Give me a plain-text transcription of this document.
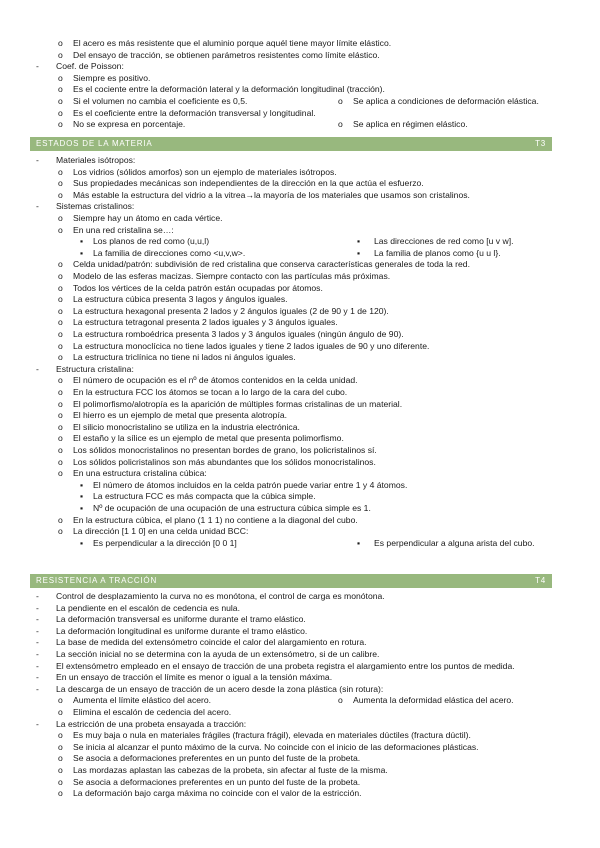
o	El acero es más resistente que el aluminio porque aquél tiene mayor límite elástico.
o	Del ensayo de tracción, se obtienen parámetros resistentes como límite elástico.
-	Coef. de Poisson:
o	Siempre es positivo.
o	Es el cociente entre la deformación lateral y la deformación longitudinal (tracción).
o	Si el volumen no cambia el coeficiente es 0,5.	o	Se aplica a condiciones de deformación elástica.
o	Es el coeficiente entre la deformación transversal y longitudinal.
o	No se expresa en porcentaje.	o	Se aplica en régimen elástico.
ESTADOS DE LA MATERIA	T3
-	Materiales isótropos:
o	Los vidrios (sólidos amorfos) son un ejemplo de materiales isótropos.
o	Sus propiedades mecánicas son independientes de la dirección en la que actúa el esfuerzo.
o	Más estable la estructura del vidrio a la vitrea→la mayoría de los materiales que usamos son cristalinos.
-	Sistemas cristalinos:
o	Siempre hay un átomo en cada vértice.
o	En una red cristalina se…:
▪	Los planos de red como (u,u,l)	▪	Las direcciones de red como [u v w].
▪	La familia de direcciones como <u,v,w>.	▪	La familia de planos como {u u l}.
o	Celda unidad/patrón: subdivisión de red cristalina que conserva características generales de toda la red.
o	Modelo de las esferas macizas. Siempre contacto con las partículas más próximas.
o	Todos los vértices de la celda patrón están ocupadas por átomos.
o	La estructura cúbica presenta 3 lagos y ángulos iguales.
o	La estructura hexagonal presenta 2 lados y 2 ángulos iguales (2 de 90 y 1 de 120).
o	La estructura tetragonal presenta 2 lados iguales y 3 ángulos iguales.
o	La estructura romboédrica presenta 3 lados y 3 ángulos iguales (ningún ángulo de 90).
o	La estructura monoclícica no tiene lados iguales y tiene 2 lados iguales de 90 y uno diferente.
o	La estructura triclínica no tiene ni lados ni ángulos iguales.
-	Estructura cristalina:
o	El número de ocupación es el nº de átomos contenidos en la celda unidad.
o	En la estructura FCC los átomos se tocan a lo largo de la cara del cubo.
o	El polimorfismo/alotropía es la aparición de múltiples formas cristalinas de un material.
o	El hierro es un ejemplo de metal que presenta alotropía.
o	El silicio monocristalino se utiliza en la industria electrónica.
o	El estaño y la sílice es un ejemplo de metal que presenta polimorfismo.
o	Los sólidos monocristalinos no presentan bordes de grano, los policristalinos sí.
o	Los sólidos policristalinos son más abundantes que los sólidos monocristalinos.
o	En una estructura cristalina cúbica:
▪	El número de átomos incluidos en la celda patrón puede variar entre 1 y 4 átomos.
▪	La estructura FCC es más compacta que la cúbica simple.
▪	Nº de ocupación de una ocupación de una estructura cúbica simple es 1.
o	En la estructura cúbica, el plano (1 1 1) no contiene a la diagonal del cubo.
o	La dirección [1 1 0] en una celda unidad BCC:
▪	Es perpendicular a la dirección [0 0 1]	▪	Es perpendicular a alguna arista del cubo.
RESISTENCIA A TRACCIÓN	T4
-	Control de desplazamiento la curva no es monótona, el control de carga es monótona.
-	La pendiente en el escalón de cedencia es nula.
-	La deformación transversal es uniforme durante el tramo elástico.
-	La deformación longitudinal es uniforme durante el tramo elástico.
-	La base de medida del extensómetro coincide el calor del alargamiento en rotura.
-	La sección inicial no se determina con la ayuda de un extensómetro, si de un calibre.
-	El extensómetro empleado en el ensayo de tracción de una probeta registra el alargamiento entre los puntos de medida.
-	En un ensayo de tracción el límite es menor o igual a la tensión máxima.
-	La descarga de un ensayo de tracción de un acero desde la zona plástica (sin rotura):
o	Aumenta el límite elástico del acero.	o	Aumenta la deformidad elástica del acero.
o	Elimina el escalón de cedencia del acero.
-	La estricción de una probeta ensayada a tracción:
o	Es muy baja o nula en materiales frágiles (fractura frágil), elevada en materiales dúctiles (fractura dúctil).
o	Se inicia al alcanzar el punto máximo de la curva. No coincide con el inicio de las deformaciones plásticas.
o	Se asocia a deformaciones preferentes en un punto del fuste de la probeta.
o	Las mordazas aplastan las cabezas de la probeta, sin afectar al fuste de la misma.
o	Se asocia a deformaciones preferentes en un punto del fuste de la probeta.
o	La deformación bajo carga máxima no coincide con el valor de la estricción.
